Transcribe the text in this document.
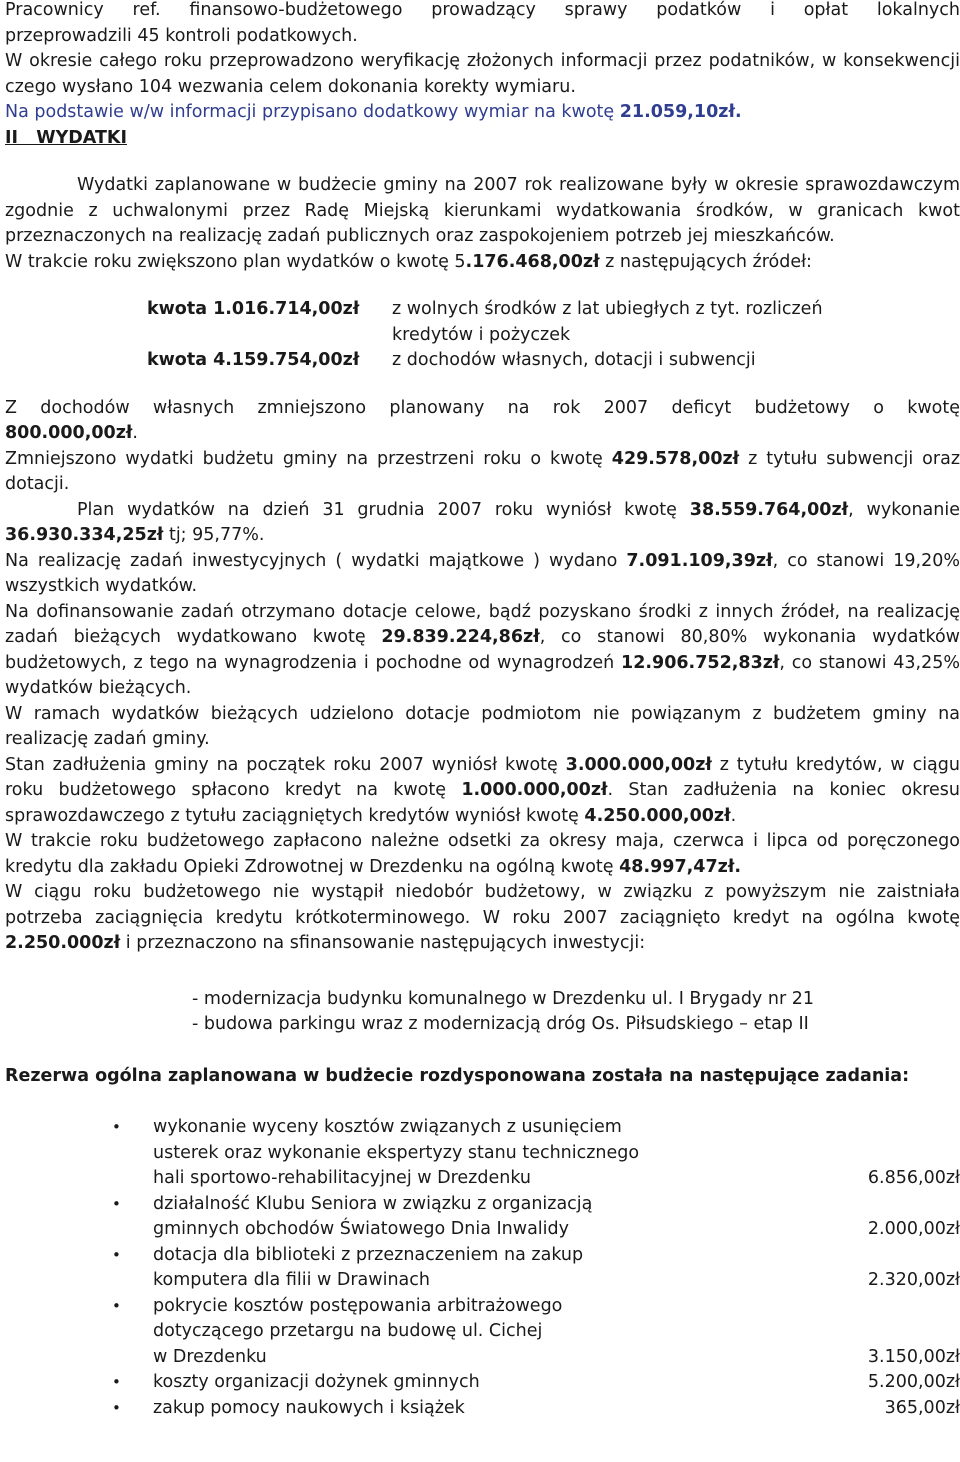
Pracownicy ref. finansowo-budżetowego prowadzący sprawy podatków i opłat lokalnych

przeprowadzili 45 kontroli podatkowych.

W okresie całego roku przeprowadzono weryfikację złożonych informacji przez podatników, w konsekwencji czego wysłano 104 wezwania celem dokonania korekty wymiaru.

Na podstawie w/w informacji przypisano dodatkowy wymiar na kwotę 21.059,10zł.

II   WYDATKI

Wydatki zaplanowane w budżecie gminy na 2007 rok realizowane były w okresie sprawozdawczym zgodnie z uchwalonymi przez Radę Miejską kierunkami wydatkowania środków, w granicach kwot przeznaczonych na realizację zadań publicznych oraz zaspokojeniem potrzeb jej mieszkańców.

W trakcie roku zwiększono plan wydatków o kwotę 5.176.468,00zł z następujących źródeł:

kwota 1.016.714,00zł	z wolnych środków z lat ubiegłych z tyt. rozliczeń
kredytów i pożyczek

kwota 4.159.754,00zł	z dochodów własnych, dotacji i subwencji

Z dochodów własnych zmniejszono planowany na rok 2007 deficyt budżetowy o kwotę

800.000,00zł.

Zmniejszono wydatki budżetu gminy na przestrzeni roku o kwotę 429.578,00zł z tytułu subwencji oraz dotacji.

Plan wydatków na dzień 31 grudnia 2007 roku wyniósł kwotę 38.559.764,00zł, wykonanie 36.930.334,25zł tj; 95,77%.

Na realizację zadań inwestycyjnych ( wydatki majątkowe ) wydano 7.091.109,39zł, co stanowi 19,20% wszystkich wydatków.

Na dofinansowanie zadań otrzymano dotacje celowe, bądź pozyskano środki z innych źródeł, na realizację zadań bieżących wydatkowano kwotę 29.839.224,86zł, co stanowi 80,80% wykonania wydatków budżetowych, z tego na wynagrodzenia i pochodne od wynagrodzeń 12.906.752,83zł, co stanowi 43,25% wydatków bieżących.

W ramach wydatków bieżących udzielono dotacje podmiotom nie powiązanym z budżetem gminy na realizację zadań gminy.

Stan zadłużenia gminy na początek roku 2007 wyniósł kwotę 3.000.000,00zł z tytułu kredytów, w ciągu roku budżetowego spłacono kredyt na kwotę 1.000.000,00zł. Stan zadłużenia na koniec okresu sprawozdawczego z tytułu zaciągniętych kredytów wyniósł kwotę 4.250.000,00zł.

W trakcie roku budżetowego zapłacono należne odsetki za okresy maja, czerwca i lipca od poręczonego kredytu dla zakładu Opieki Zdrowotnej w Drezdenku na ogólną kwotę 48.997,47zł.

W ciągu roku budżetowego nie wystąpił niedobór budżetowy, w związku z powyższym nie zaistniała potrzeba zaciągnięcia kredytu krótkoterminowego. W roku 2007 zaciągnięto kredyt na ogólna kwotę 2.250.000zł i przeznaczono na sfinansowanie następujących inwestycji:

- modernizacja budynku komunalnego w Drezdenku ul. I Brygady nr 21

- budowa parkingu wraz z modernizacją dróg Os. Piłsudskiego – etap II

Rezerwa ogólna zaplanowana w budżecie rozdysponowana została na następujące zadania:

• wykonanie wyceny kosztów związanych z usunięciem
usterek oraz wykonanie ekspertyzy stanu technicznego
hali sportowo-rehabilitacyjnej w Drezdenku	6.856,00zł
• działalność Klubu Seniora w związku z organizacją
gminnych obchodów Światowego Dnia Inwalidy	2.000,00zł
• dotacja dla biblioteki z przeznaczeniem na zakup
komputera dla filii w Drawinach	2.320,00zł
• pokrycie kosztów postępowania arbitrażowego
dotyczącego przetargu na budowę ul. Cichej
w Drezdenku	3.150,00zł
• koszty organizacji dożynek gminnych	5.200,00zł
• zakup pomocy naukowych i książek	365,00zł
